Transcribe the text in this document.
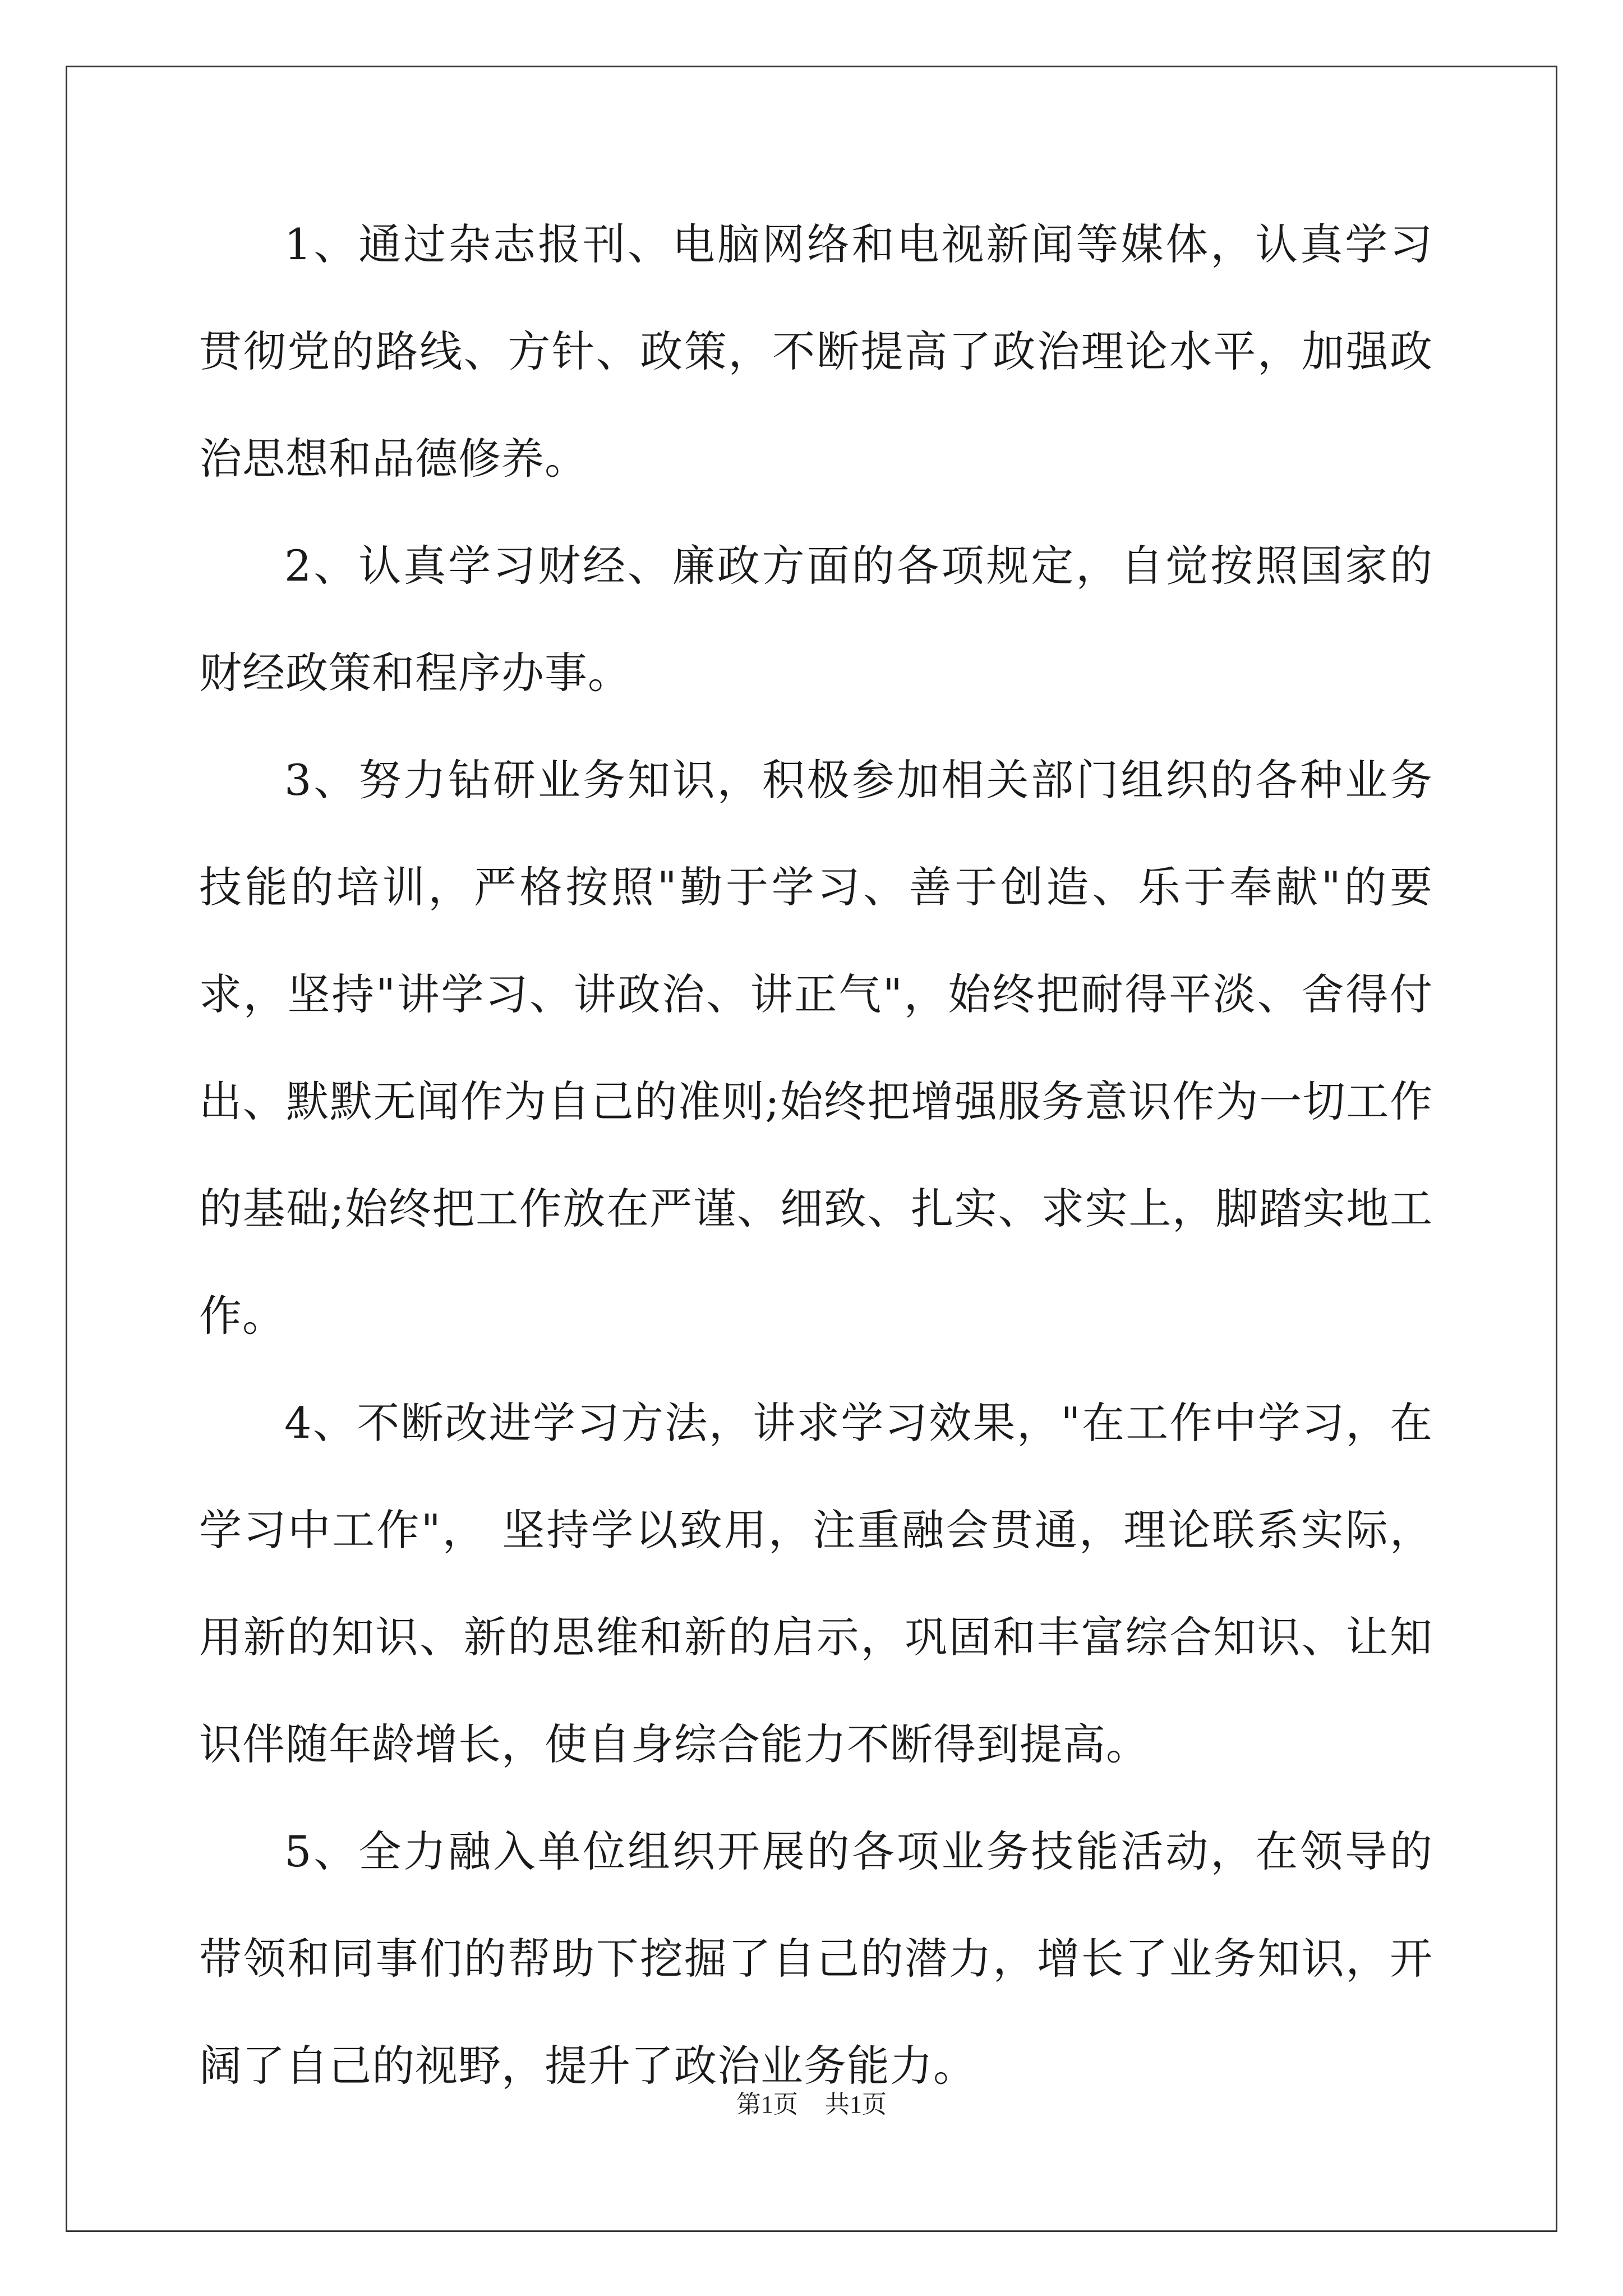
1、通过杂志报刊、电脑网络和电视新闻等媒体，认真学习贯彻党的路线、方针、政策，不断提高了政治理论水平，加强政治思想和品德修养。

2、认真学习财经、廉政方面的各项规定，自觉按照国家的财经政策和程序办事。

3、努力钻研业务知识，积极参加相关部门组织的各种业务技能的培训，严格按照"勤于学习、善于创造、乐于奉献"的要求，坚持"讲学习、讲政治、讲正气"，始终把耐得平淡、舍得付出、默默无闻作为自己的准则;始终把增强服务意识作为一切工作的基础;始终把工作放在严谨、细致、扎实、求实上，脚踏实地工作。

4、不断改进学习方法，讲求学习效果，"在工作中学习，在学习中工作"， 坚持学以致用，注重融会贯通，理论联系实际，用新的知识、新的思维和新的启示，巩固和丰富综合知识、让知识伴随年龄增长，使自身综合能力不断得到提高。

5、全力融入单位组织开展的各项业务技能活动，在领导的带领和同事们的帮助下挖掘了自己的潜力，增长了业务知识，开阔了自己的视野，提升了政治业务能力。

第1页 共1页
